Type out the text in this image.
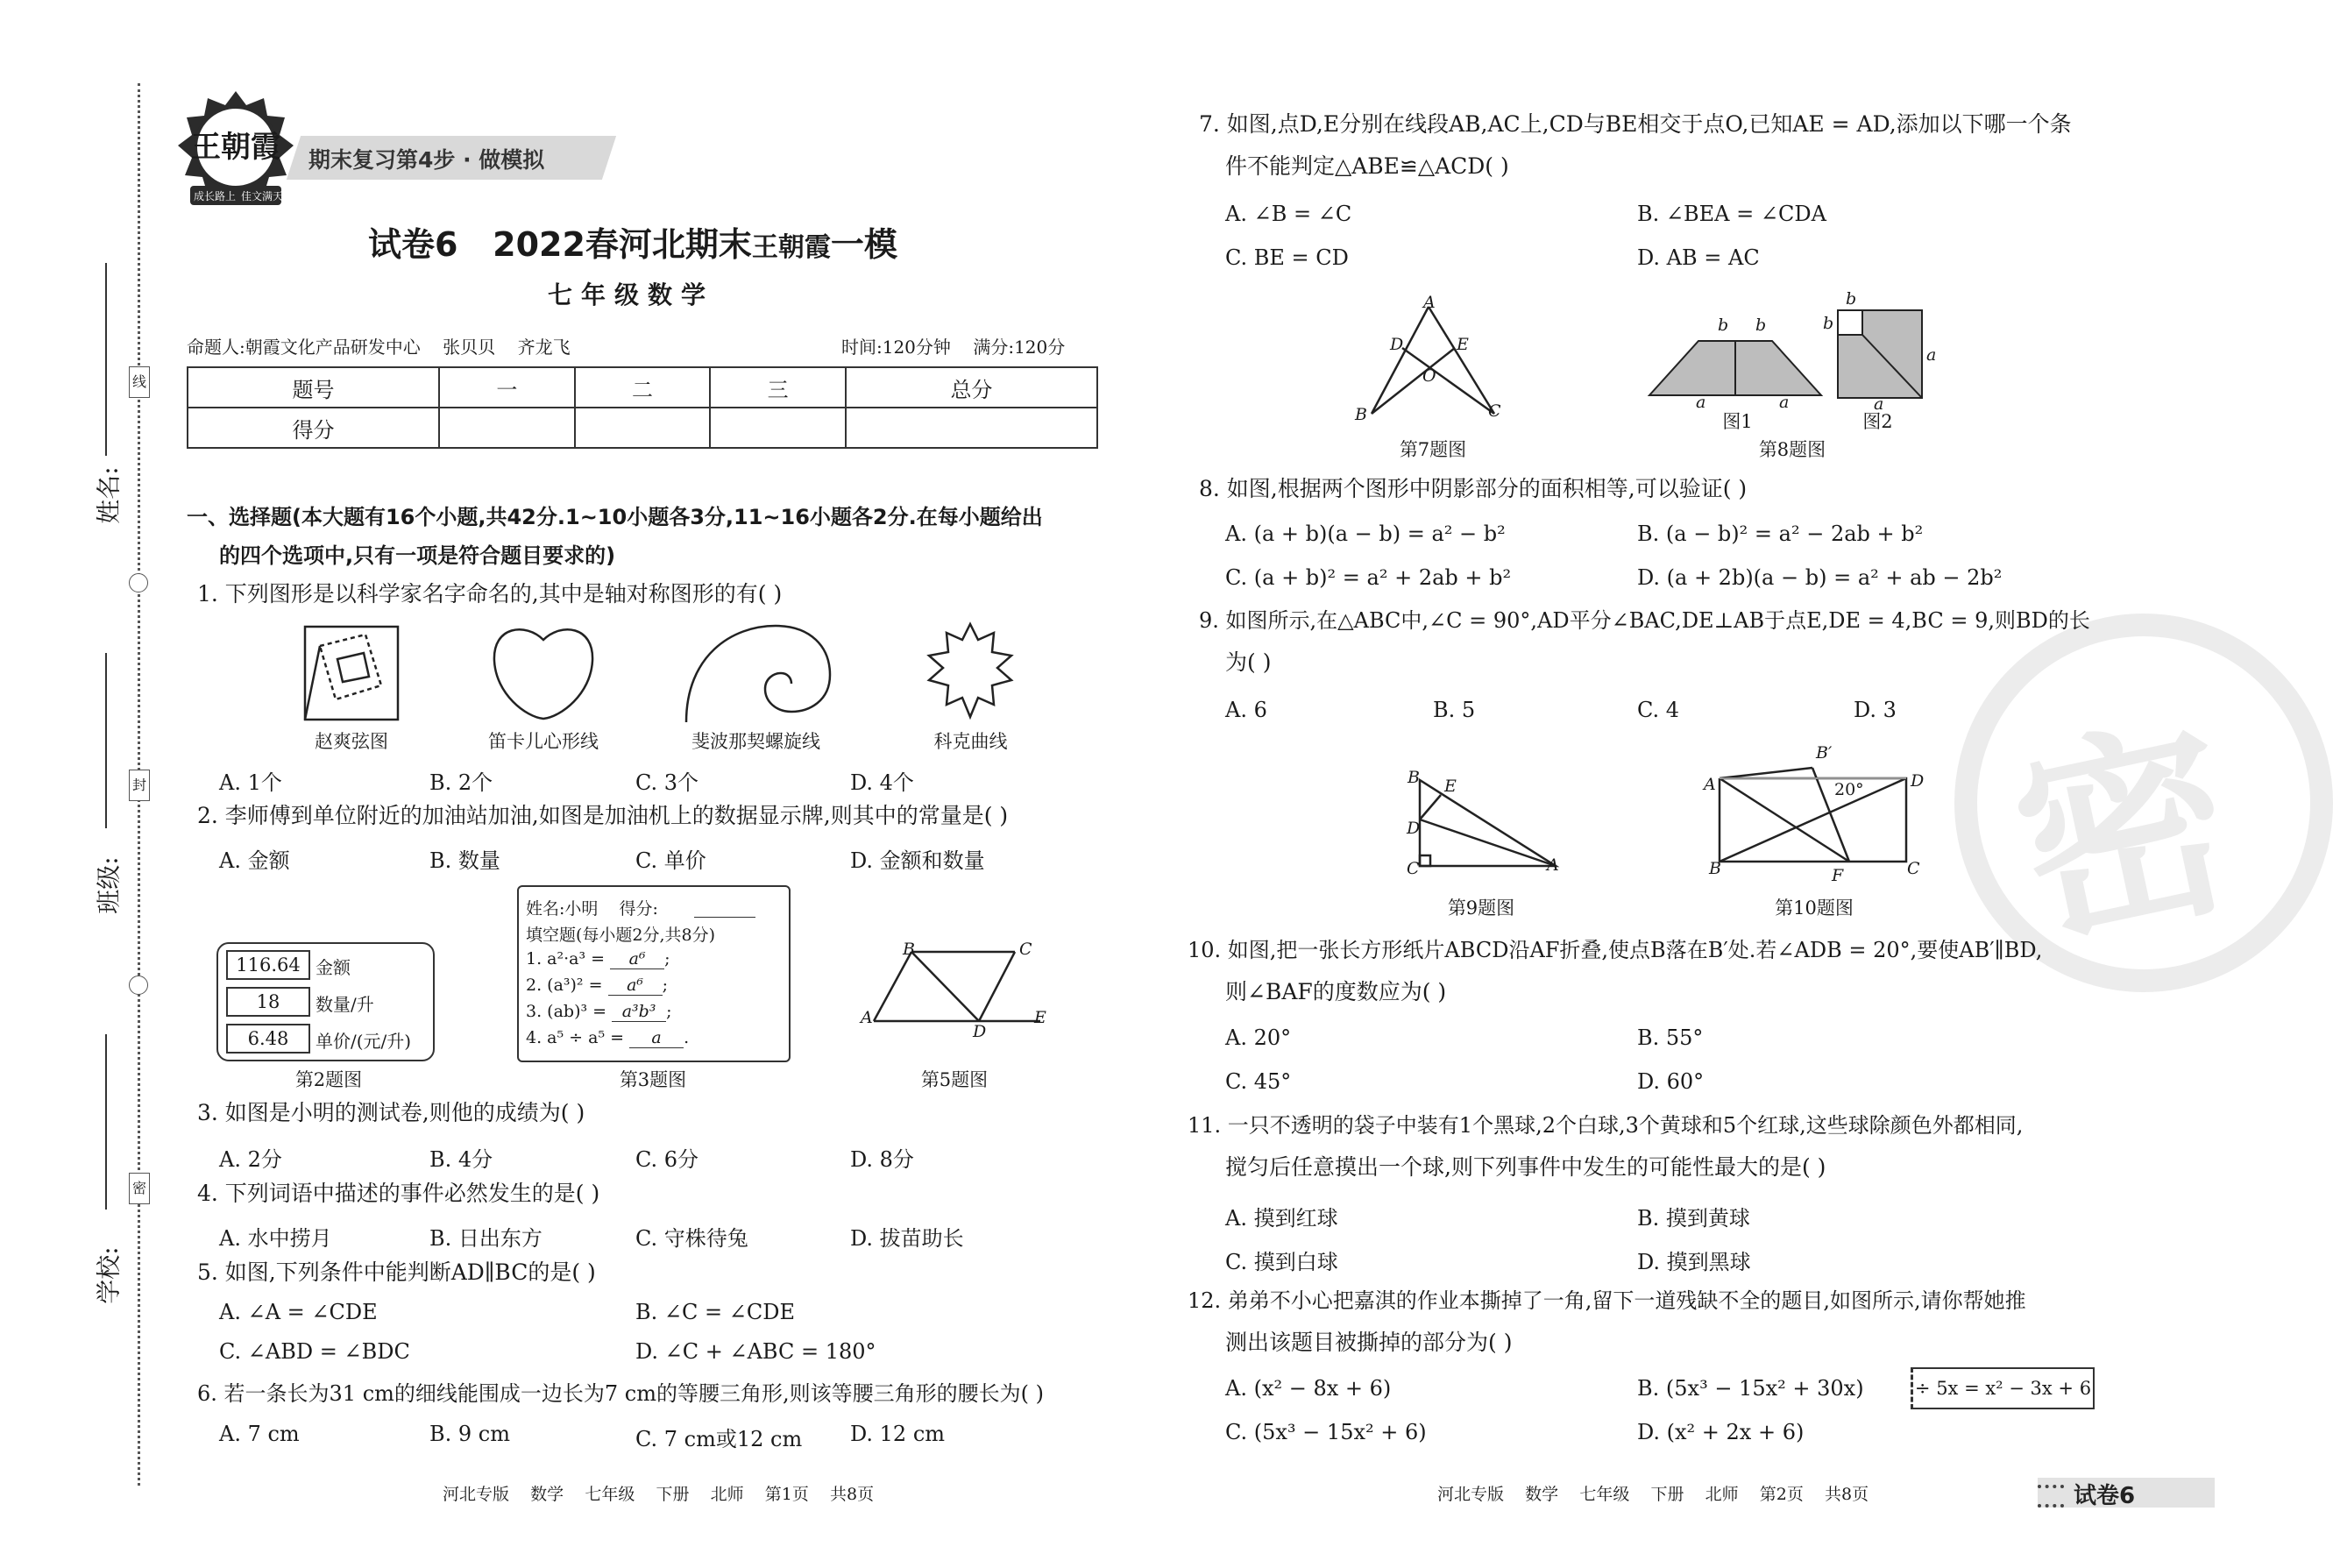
线
封
密
姓名:
班级:
学校:
王朝霞
成长路上 佳文满天
期末复习第4步 · 做模拟
试卷6 2022春河北期末王朝霞一模
七年级数学
命题人:朝霞文化产品研发中心    张贝贝    齐龙飞	时间:120分钟    满分:120分
题号	一	二	三	总分
得分				
一、选择题(本大题有16个小题,共42分.1~10小题各3分,11~16小题各2分.在每小题给出
的四个选项中,只有一项是符合题目要求的)
1. 下列图形是以科学家名字命名的,其中是轴对称图形的有( )
赵爽弦图	笛卡儿心形线	斐波那契螺旋线	科克曲线
A. 1个	B. 2个	C. 3个	D. 4个
2. 李师傅到单位附近的加油站加油,如图是加油机上的数据显示牌,则其中的常量是( )
A. 金额	B. 数量	C. 单价	D. 金额和数量
116.64 金额
18	数量/升
6.48	单价/(元/升)
第2题图
姓名:小明    得分:
填空题(每小题2分,共8分)
1. a²·a³ = a⁶ ;
2. (a³)² = a⁶ ;
3. (ab)³ = a³b³ ;
4. a⁵ ÷ a⁵ = a .
第3题图
B	C
A
D
E
第5题图
3. 如图是小明的测试卷,则他的成绩为( )
A. 2分	B. 4分	C. 6分	D. 8分
4. 下列词语中描述的事件必然发生的是( )
A. 水中捞月	B. 日出东方	C. 守株待兔	D. 拔苗助长
5. 如图,下列条件中能判断AD∥BC的是( )
A. ∠A = ∠CDE	B. ∠C = ∠CDE
C. ∠ABD = ∠BDC	D. ∠C + ∠ABC = 180°
6. 若一条长为31 cm的细线能围成一边长为7 cm的等腰三角形,则该等腰三角形的腰长为( )
A. 7 cm	B. 9 cm	C. 7 cm或12 cm D. 12 cm
河北专版    数学    七年级    下册    北师    第1页    共8页
密
7. 如图,点D,E分别在线段AB,AC上,CD与BE相交于点O,已知AE = AD,添加以下哪一个条
件不能判定△ABE≌△ACD( )
A. ∠B = ∠C	B. ∠BEA = ∠CDA
C. BE = CD	D. AB = AC
A
D	E
O
B	C
第7题图
b b
a	a
图1
b
b
a
a
图2
第8题图
8. 如图,根据两个图形中阴影部分的面积相等,可以验证( )
A. (a + b)(a − b) = a² − b²	B. (a − b)² = a² − 2ab + b²
C. (a + b)² = a² + 2ab + b²	D. (a + 2b)(a − b) = a² + ab − 2b²
9. 如图所示,在△ABC中,∠C = 90°,AD平分∠BAC,DE⊥AB于点E,DE = 4,BC = 9,则BD的长
为( )
A. 6	B. 5	C. 4	D. 3
B E
D
C	A
第9题图
B′
A	D
20°
B	F	C
第10题图
10. 如图,把一张长方形纸片ABCD沿AF折叠,使点B落在B′处.若∠ADB = 20°,要使AB′∥BD,
则∠BAF的度数应为( )
A. 20°	B. 55°
C. 45°	D. 60°
11. 一只不透明的袋子中装有1个黑球,2个白球,3个黄球和5个红球,这些球除颜色外都相同,
搅匀后任意摸出一个球,则下列事件中发生的可能性最大的是( )
A. 摸到红球	B. 摸到黄球
C. 摸到白球	D. 摸到黑球
12. 弟弟不小心把嘉淇的作业本撕掉了一角,留下一道残缺不全的题目,如图所示,请你帮她推
测出该题目被撕掉的部分为( )
A. (x² − 8x + 6)	B. (5x³ − 15x² + 30x)	÷ 5x = x² − 3x + 6
C. (5x³ − 15x² + 6)	D. (x² + 2x + 6)
河北专版    数学    七年级    下册    北师    第2页    共8页	试卷6
